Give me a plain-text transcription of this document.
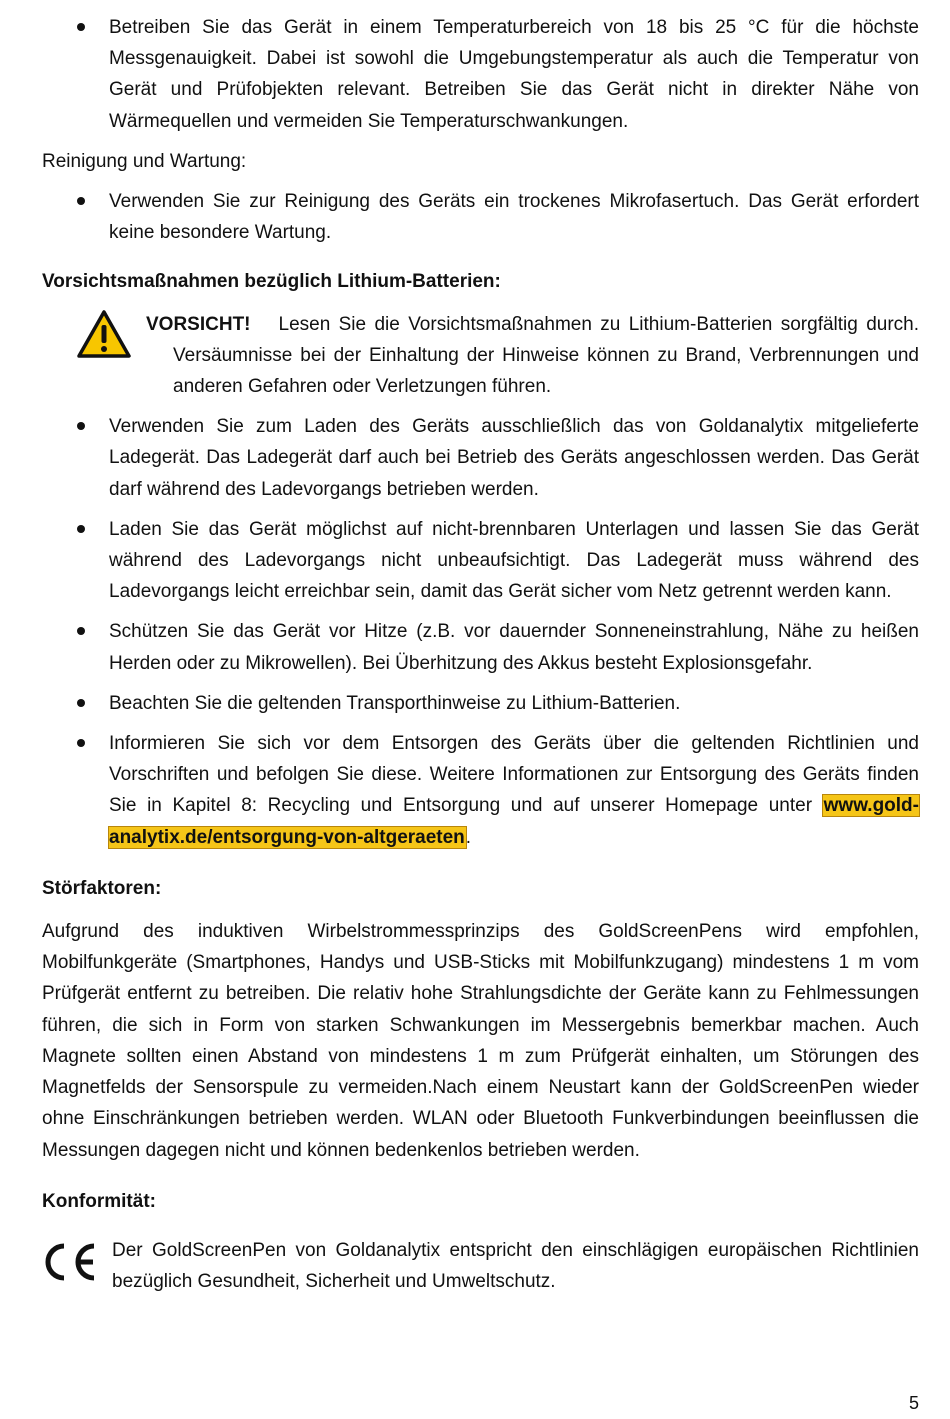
Betreiben Sie das Gerät in einem Temperaturbereich von 18 bis 25 °C für die höchste Messgenauigkeit. Dabei ist sowohl die Umgebungstemperatur als auch die Temperatur von Gerät und Prüfobjekten relevant. Betreiben Sie das Gerät nicht in direkter Nähe von Wärmequellen und vermeiden Sie Temperaturschwankungen.
Reinigung und Wartung:
Verwenden Sie zur Reinigung des Geräts ein trockenes Mikrofasertuch. Das Gerät erfordert keine besondere Wartung.
Vorsichtsmaßnahmen bezüglich Lithium-Batterien:
VORSICHT! Lesen Sie die Vorsichtsmaßnahmen zu Lithium-Batterien sorgfältig durch. Versäumnisse bei der Einhaltung der Hinweise können zu Brand, Verbrennungen und anderen Gefahren oder Verletzungen führen.
Verwenden Sie zum Laden des Geräts ausschließlich das von Goldanalytix mitgelieferte Ladegerät. Das Ladegerät darf auch bei Betrieb des Geräts angeschlossen werden. Das Gerät darf während des Ladevorgangs betrieben werden.
Laden Sie das Gerät möglichst auf nicht-brennbaren Unterlagen und lassen Sie das Gerät während des Ladevorgangs nicht unbeaufsichtigt. Das Ladegerät muss während des Ladevorgangs leicht erreichbar sein, damit das Gerät sicher vom Netz getrennt werden kann.
Schützen Sie das Gerät vor Hitze (z.B. vor dauernder Sonneneinstrahlung, Nähe zu heißen Herden oder zu Mikrowellen). Bei Überhitzung des Akkus besteht Explosionsgefahr.
Beachten Sie die geltenden Transporthinweise zu Lithium-Batterien.
Informieren Sie sich vor dem Entsorgen des Geräts über die geltenden Richtlinien und Vorschriften und befolgen Sie diese. Weitere Informationen zur Entsorgung des Geräts finden Sie in Kapitel 8: Recycling und Entsorgung und auf unserer Homepage unter www.gold-analytix.de/entsorgung-von-altgeraeten.
Störfaktoren:
Aufgrund des induktiven Wirbelstrommessprinzips des GoldScreenPens wird empfohlen, Mobilfunkgeräte (Smartphones, Handys und USB-Sticks mit Mobilfunkzugang) mindestens 1 m vom Prüfgerät entfernt zu betreiben. Die relativ hohe Strahlungsdichte der Geräte kann zu Fehlmessungen führen, die sich in Form von starken Schwankungen im Messergebnis bemerkbar machen. Auch Magnete sollten einen Abstand von mindestens 1 m zum Prüfgerät einhalten, um Störungen des Magnetfelds der Sensorspule zu vermeiden.Nach einem Neustart kann der GoldScreenPen wieder ohne Einschränkungen betrieben werden. WLAN oder Bluetooth Funkverbindungen beeinflussen die Messungen dagegen nicht und können bedenkenlos betrieben werden.
Konformität:
Der GoldScreenPen von Goldanalytix entspricht den einschlägigen europäischen Richtlinien bezüglich Gesundheit, Sicherheit und Umweltschutz.
5
